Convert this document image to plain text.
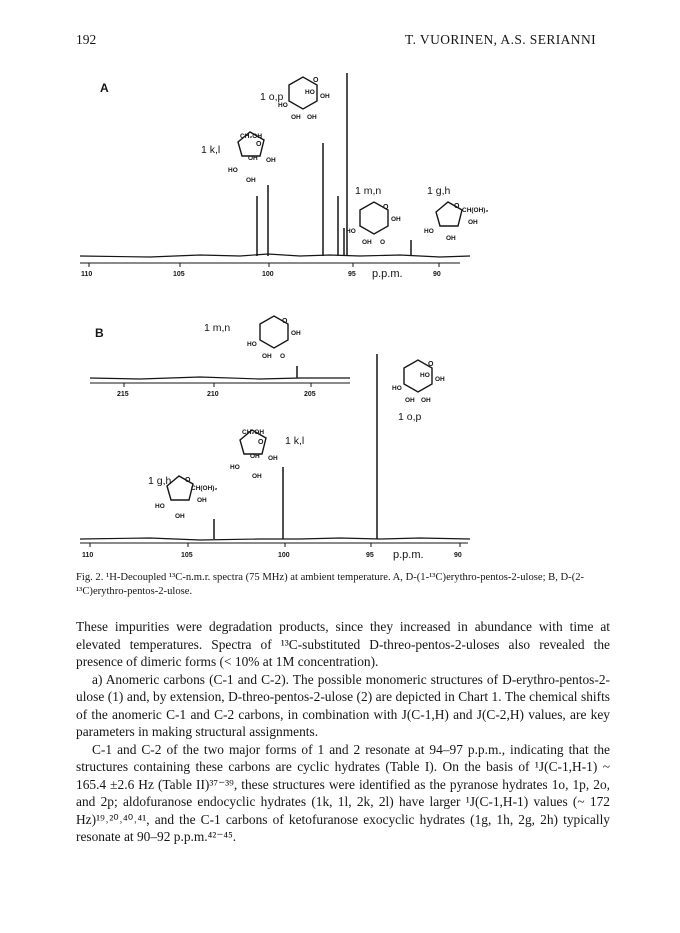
192	T. VUORINEN, A.S. SERIANNI
A
110	105	100	95 p.p.m.	90
1 o,p
1 k,l
1 m,n	1 g,h
O
HO
OH
HO
OH OH
CH₂OH
O
OH OH
HO
OH
O
OH
HO
OH O
O
CH(OH)₂
OH
HO
OH
B
215	210	205
110	105	100	95 p.p.m.	90
1 m,n
1 o,p
1 k,l
1 g,h
O
OH
HO
OH O
O
HO
OH
HO
OH OH
CH₂OH
O
OH OH
HO
OH
O
CH(OH)₂
OH
HO
OH
Fig. 2. ¹H-Decoupled ¹³C-n.m.r. spectra (75 MHz) at ambient temperature. A, D-(1-¹³C)erythro-pentos-2-ulose; B, D-(2-¹³C)erythro-pentos-2-ulose.

These impurities were degradation products, since they increased in abundance with time at elevated temperatures. Spectra of ¹³C-substituted D-threo-pentos-2-uloses also revealed the presence of dimeric forms (< 10% at 1M concentration).

a) Anomeric carbons (C-1 and C-2). The possible monomeric structures of D-erythro-pentos-2-ulose (1) and, by extension, D-threo-pentos-2-ulose (2) are depicted in Chart 1. The chemical shifts of the anomeric C-1 and C-2 carbons, in combination with J(C-1,H) and J(C-2,H) values, are key parameters in making structural assignments.

C-1 and C-2 of the two major forms of 1 and 2 resonate at 94–97 p.p.m., indicating that the structures containing these carbons are cyclic hydrates (Table I). On the basis of ¹J(C-1,H-1) ~ 165.4 ±2.6 Hz (Table II)³⁷⁻³⁹, these structures were identified as the pyranose hydrates 1o, 1p, 2o, and 2p; aldofuranose endocyclic hydrates (1k, 1l, 2k, 2l) have larger ¹J(C-1,H-1) values (~ 172 Hz)¹⁹˒²⁰˒⁴⁰˒⁴¹, and the C-1 carbons of ketofuranose exocyclic hydrates (1g, 1h, 2g, 2h) typically resonate at 90–92 p.p.m.⁴²⁻⁴⁵.
